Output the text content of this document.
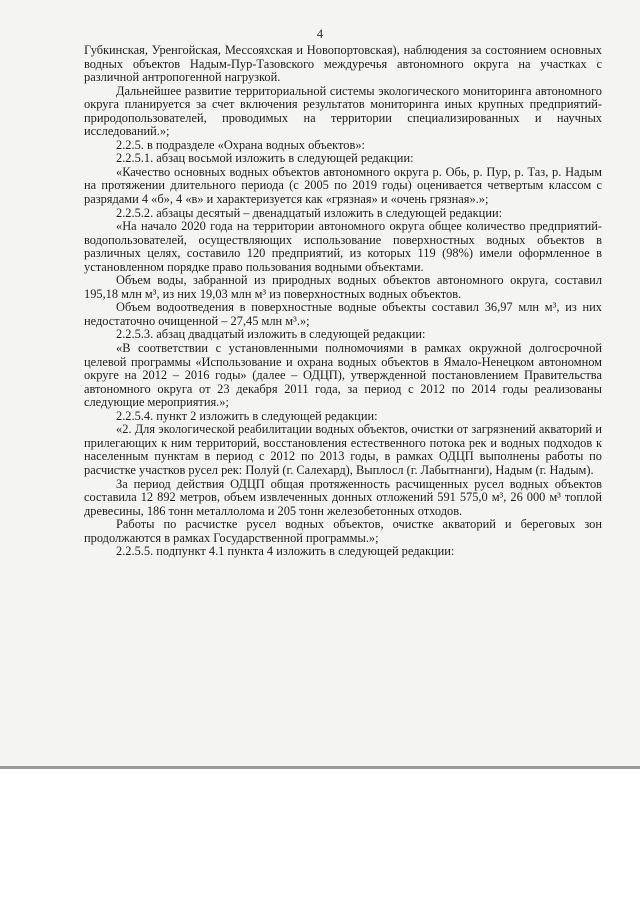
4

Губкинская, Уренгойская, Мессояхская и Новопортовская), наблюдения за состоянием основных водных объектов Надым-Пур-Тазовского междуречья автономного округа на участках с различной антропогенной нагрузкой.

Дальнейшее развитие территориальной системы экологического мониторинга автономного округа планируется за счет включения результатов мониторинга иных крупных предприятий-природопользователей, проводимых на территории специализированных и научных исследований.»;

2.2.5. в подразделе «Охрана водных объектов»:

2.2.5.1. абзац восьмой изложить в следующей редакции:

«Качество основных водных объектов автономного округа р. Обь, р. Пур, р. Таз, р. Надым на протяжении длительного периода (с 2005 по 2019 годы) оценивается четвертым классом с разрядами 4 «б», 4 «в» и характеризуется как «грязная» и «очень грязная».»;

2.2.5.2. абзацы десятый – двенадцатый изложить в следующей редакции:

«На начало 2020 года на территории автономного округа общее количество предприятий-водопользователей, осуществляющих использование поверхностных водных объектов в различных целях, составило 120 предприятий, из которых 119 (98%) имели оформленное в установленном порядке право пользования водными объектами.

Объем воды, забранной из природных водных объектов автономного округа, составил 195,18 млн м³, из них 19,03 млн м³ из поверхностных водных объектов.

Объем водоотведения в поверхностные водные объекты составил 36,97 млн м³, из них недостаточно очищенной – 27,45 млн м³.»;

2.2.5.3. абзац двадцатый изложить в следующей редакции:

«В соответствии с установленными полномочиями в рамках окружной долгосрочной целевой программы «Использование и охрана водных объектов в Ямало-Ненецком автономном округе на 2012 – 2016 годы» (далее – ОДЦП), утвержденной постановлением Правительства автономного округа от 23 декабря 2011 года, за период с 2012 по 2014 годы реализованы следующие мероприятия.»;

2.2.5.4. пункт 2 изложить в следующей редакции:

«2. Для экологической реабилитации водных объектов, очистки от загрязнений акваторий и прилегающих к ним территорий, восстановления естественного потока рек и водных подходов к населенным пунктам в период с 2012 по 2013 годы, в рамках ОДЦП выполнены работы по расчистке участков русел рек: Полуй (г. Салехард), Выплосл (г. Лабытнанги), Надым (г. Надым).

За период действия ОДЦП общая протяженность расчищенных русел водных объектов составила 12 892 метров, объем извлеченных донных отложений 591 575,0 м³, 26 000 м³ топлой древесины, 186 тонн металлолома и 205 тонн железобетонных отходов.

Работы по расчистке русел водных объектов, очистке акваторий и береговых зон продолжаются в рамках Государственной программы.»;

2.2.5.5. подпункт 4.1 пункта 4 изложить в следующей редакции:
